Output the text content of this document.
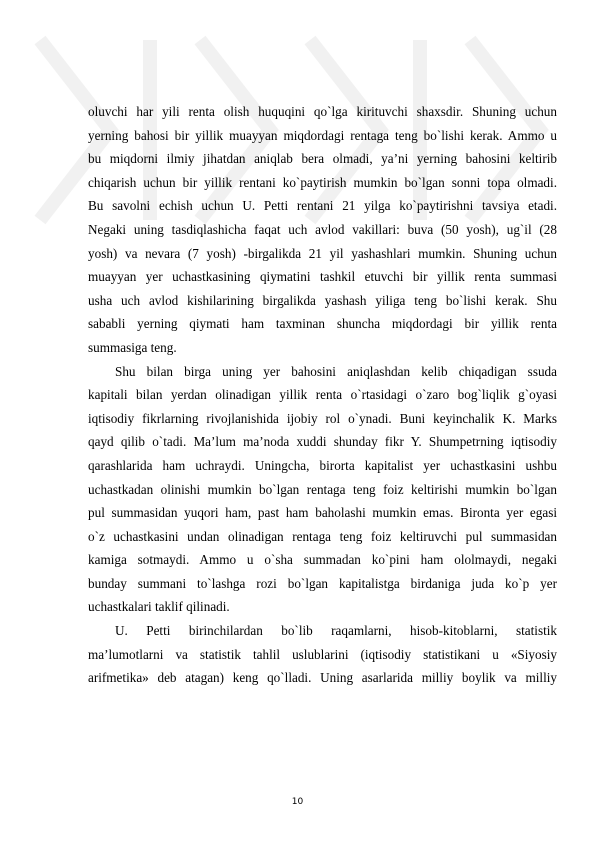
oluvchi har yili renta olish huquqini qo`lga kirituvchi shaxsdir. Shuning uchun
yerning bahosi bir yillik muayyan miqdordagi rentaga teng bo`lishi kerak. Ammo u
bu miqdorni ilmiy jihatdan aniqlab bera olmadi, ya’ni yerning bahosini keltirib
chiqarish uchun bir yillik rentani ko`paytirish mumkin bo`lgan sonni topa olmadi.
Bu savolni echish uchun U. Petti rentani 21 yilga ko`paytirishni tavsiya etadi.
Negaki uning tasdiqlashicha faqat uch avlod vakillari: buva (50 yosh), ug`il (28
yosh) va nevara (7 yosh) -birgalikda 21 yil yashashlari mumkin. Shuning uchun
muayyan yer uchastkasining qiymatini tashkil etuvchi bir yillik renta summasi
usha uch avlod kishilarining birgalikda yashash yiliga teng bo`lishi kerak. Shu
sababli yerning qiymati ham taxminan shuncha miqdordagi bir yillik renta
summasiga teng.

Shu bilan birga uning yer bahosini aniqlashdan kelib chiqadigan ssuda
kapitali bilan yerdan olinadigan yillik renta o`rtasidagi o`zaro bog`liqlik g`oyasi
iqtisodiy fikrlarning rivojlanishida ijobiy rol o`ynadi. Buni keyinchalik K. Marks
qayd qilib o`tadi. Ma’lum ma’noda xuddi shunday fikr Y. Shumpetrning iqtisodiy
qarashlarida ham uchraydi. Uningcha, birorta kapitalist yer uchastkasini ushbu
uchastkadan olinishi mumkin bo`lgan rentaga teng foiz keltirishi mumkin bo`lgan
pul summasidan yuqori ham, past ham baholashi mumkin emas. Bironta yer egasi
o`z uchastkasini undan olinadigan rentaga teng foiz keltiruvchi pul summasidan
kamiga sotmaydi. Ammo u o`sha summadan ko`pini ham ololmaydi, negaki
bunday summani to`lashga rozi bo`lgan kapitalistga birdaniga juda ko`p yer
uchastkalari taklif qilinadi.

U. Petti birinchilardan bo`lib raqamlarni, hisob-kitoblarni, statistik
ma’lumotlarni va statistik tahlil uslublarini (iqtisodiy statistikani u «Siyosiy
arifmetika» deb atagan) keng qo`lladi. Uning asarlarida milliy boylik va milliy

10
